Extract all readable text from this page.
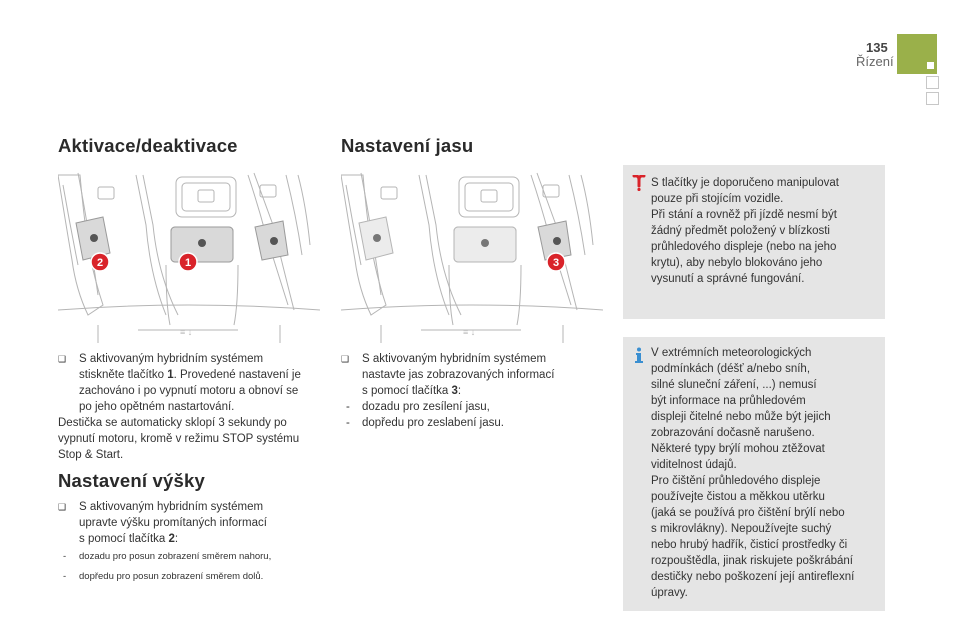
135
Řízení
Aktivace/deaktivace	Nastavení jasu
Nastavení výšky
≡ ↓
2	1
≡ ↓
3
❑ S aktivovaným hybridním systémem
stiskněte tlačítko 1. Provedené nastavení je
zachováno i po vypnutí motoru a obnoví se
po jeho opětném nastartování.
Destička se automaticky sklopí 3 sekundy po
vypnutí motoru, kromě v režimu STOP systému
Stop & Start.
❑ S aktivovaným hybridním systémem
upravte výšku promítaných informací
s pomocí tlačítka 2:
- dozadu pro posun zobrazení směrem nahoru,
- dopředu pro posun zobrazení směrem dolů.
❑ S aktivovaným hybridním systémem
nastavte jas zobrazovaných informací
s pomocí tlačítka 3:
- dozadu pro zesílení jasu,
- dopředu pro zeslabení jasu.
S tlačítky je doporučeno manipulovat
pouze při stojícím vozidle.
Při stání a rovněž při jízdě nesmí být
žádný předmět položený v blízkosti
průhledového displeje (nebo na jeho
krytu), aby nebylo blokováno jeho
vysunutí a správné fungování.
V extrémních meteorologických
podmínkách (déšť a/nebo sníh,
silné sluneční záření, ...) nemusí
být informace na průhledovém
displeji čitelné nebo může být jejich
zobrazování dočasně narušeno.
Některé typy brýlí mohou ztěžovat
viditelnost údajů.
Pro čištění průhledového displeje
používejte čistou a měkkou utěrku
(jaká se používá pro čištění brýlí nebo
s mikrovlákny). Nepoužívejte suchý
nebo hrubý hadřík, čisticí prostředky či
rozpouštědla, jinak riskujete poškrábání
destičky nebo poškození její antireflexní
úpravy.
